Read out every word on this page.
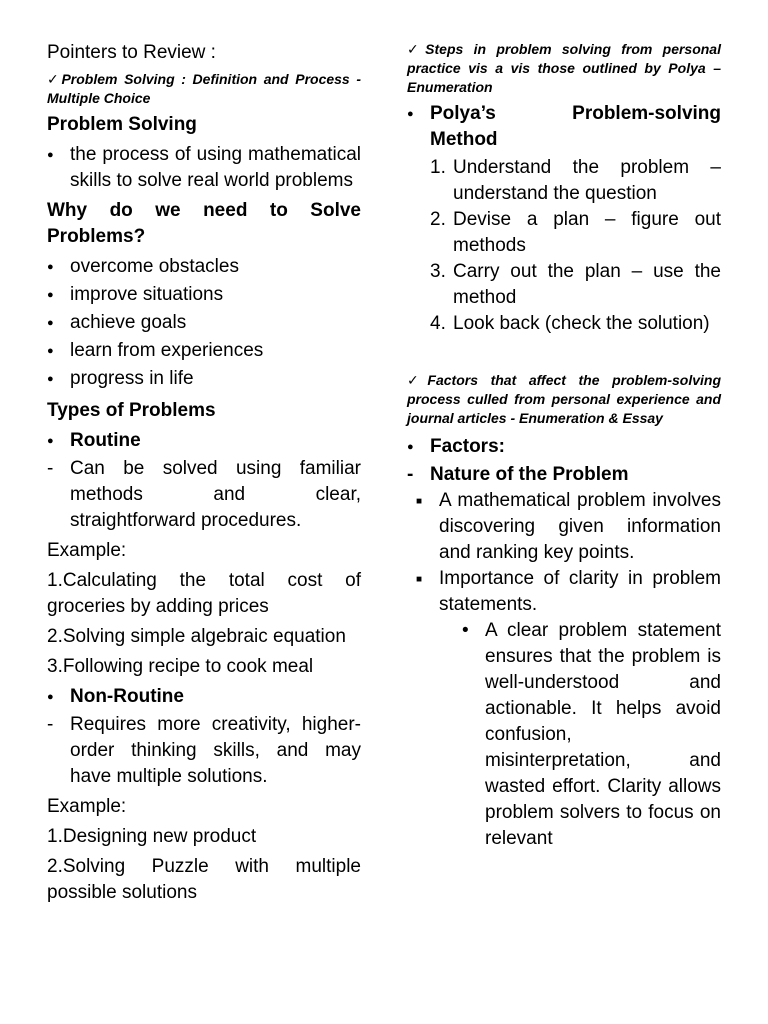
Pointers to Review :
✓Problem Solving : Definition and Process - Multiple Choice
Problem Solving
●
the process of using mathematical skills to solve real world problems
Why do we need to Solve Problems?
●
overcome obstacles
●
improve situations
●
achieve goals
●
learn from experiences
●
progress in life
Types of Problems
●
Routine
- Can be solved using familiar methods and clear, straightforward procedures.
Example:
1.Calculating the total cost of groceries by adding prices
2.Solving simple algebraic equation
3.Following recipe to cook meal
●
Non-Routine
- Requires more creativity, higher-order thinking skills, and may have multiple solutions.
Example:
1.Designing new product
2.Solving Puzzle with multiple possible solutions
✓Steps in problem solving from personal practice vis a vis those outlined by Polya – Enumeration
●
Polya’s Problem-solving Method
1. Understand the problem – understand the question
2. Devise a plan – figure out methods
3. Carry out the plan – use the method
4. Look back (check the solution)
✓Factors that affect the problem-solving process culled from personal experience and journal articles - Enumeration & Essay
●
Factors:
- Nature of the Problem
■
A mathematical problem involves discovering given information and ranking key points.
■
Importance of clarity in problem statements.
•
A clear problem statement ensures that the problem is well-understood and actionable. It helps avoid confusion, misinterpretation, and wasted effort. Clarity allows problem solvers to focus on relevant
